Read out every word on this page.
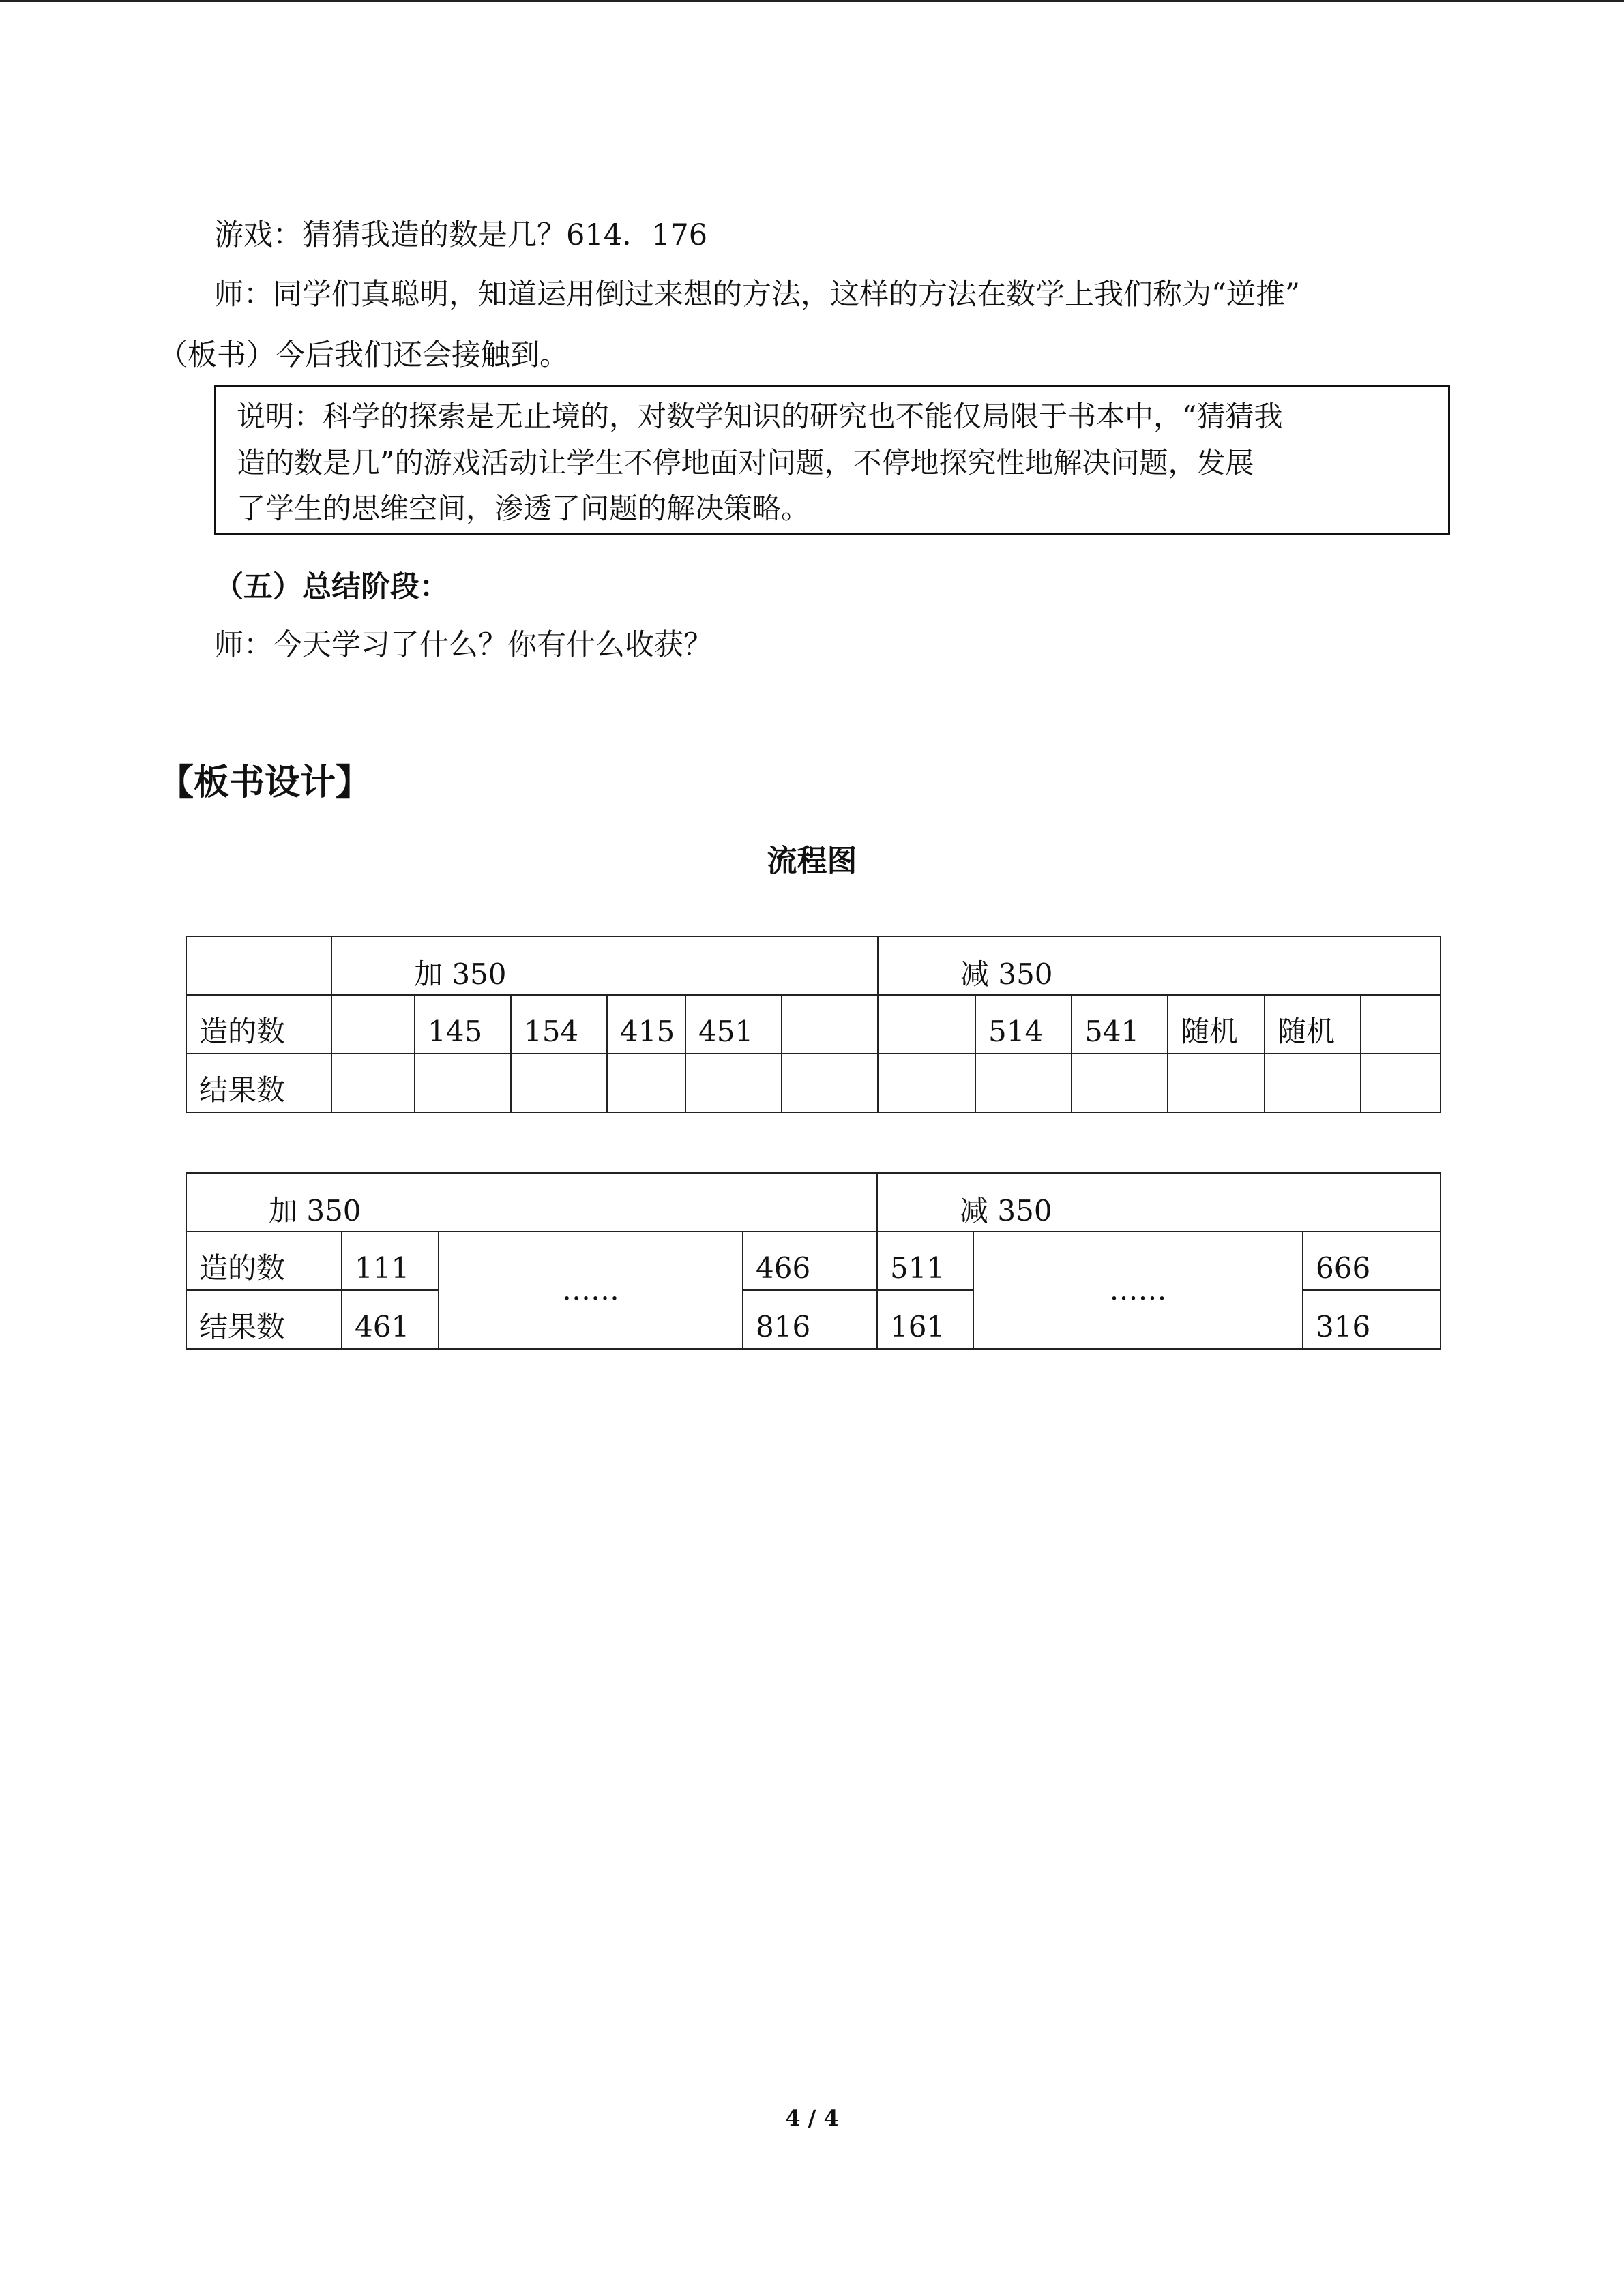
游戏：猜猜我造的数是几？614．176
师：同学们真聪明，知道运用倒过来想的方法，这样的方法在数学上我们称为“逆推”
（板书）今后我们还会接触到。
说明：科学的探索是无止境的，对数学知识的研究也不能仅局限于书本中，“猜猜我
造的数是几”的游戏活动让学生不停地面对问题，不停地探究性地解决问题，发展
了学生的思维空间，渗透了问题的解决策略。
（五）总结阶段：
师：今天学习了什么？你有什么收获？
【板书设计】
流程图
	加 350						减 350					
造的数		145	154	415	451			514	541	随机	随机	
结果数												
加 350				减 350		
造的数	111	……	466	511	……	666
结果数	461		816	161		316
4 / 4
